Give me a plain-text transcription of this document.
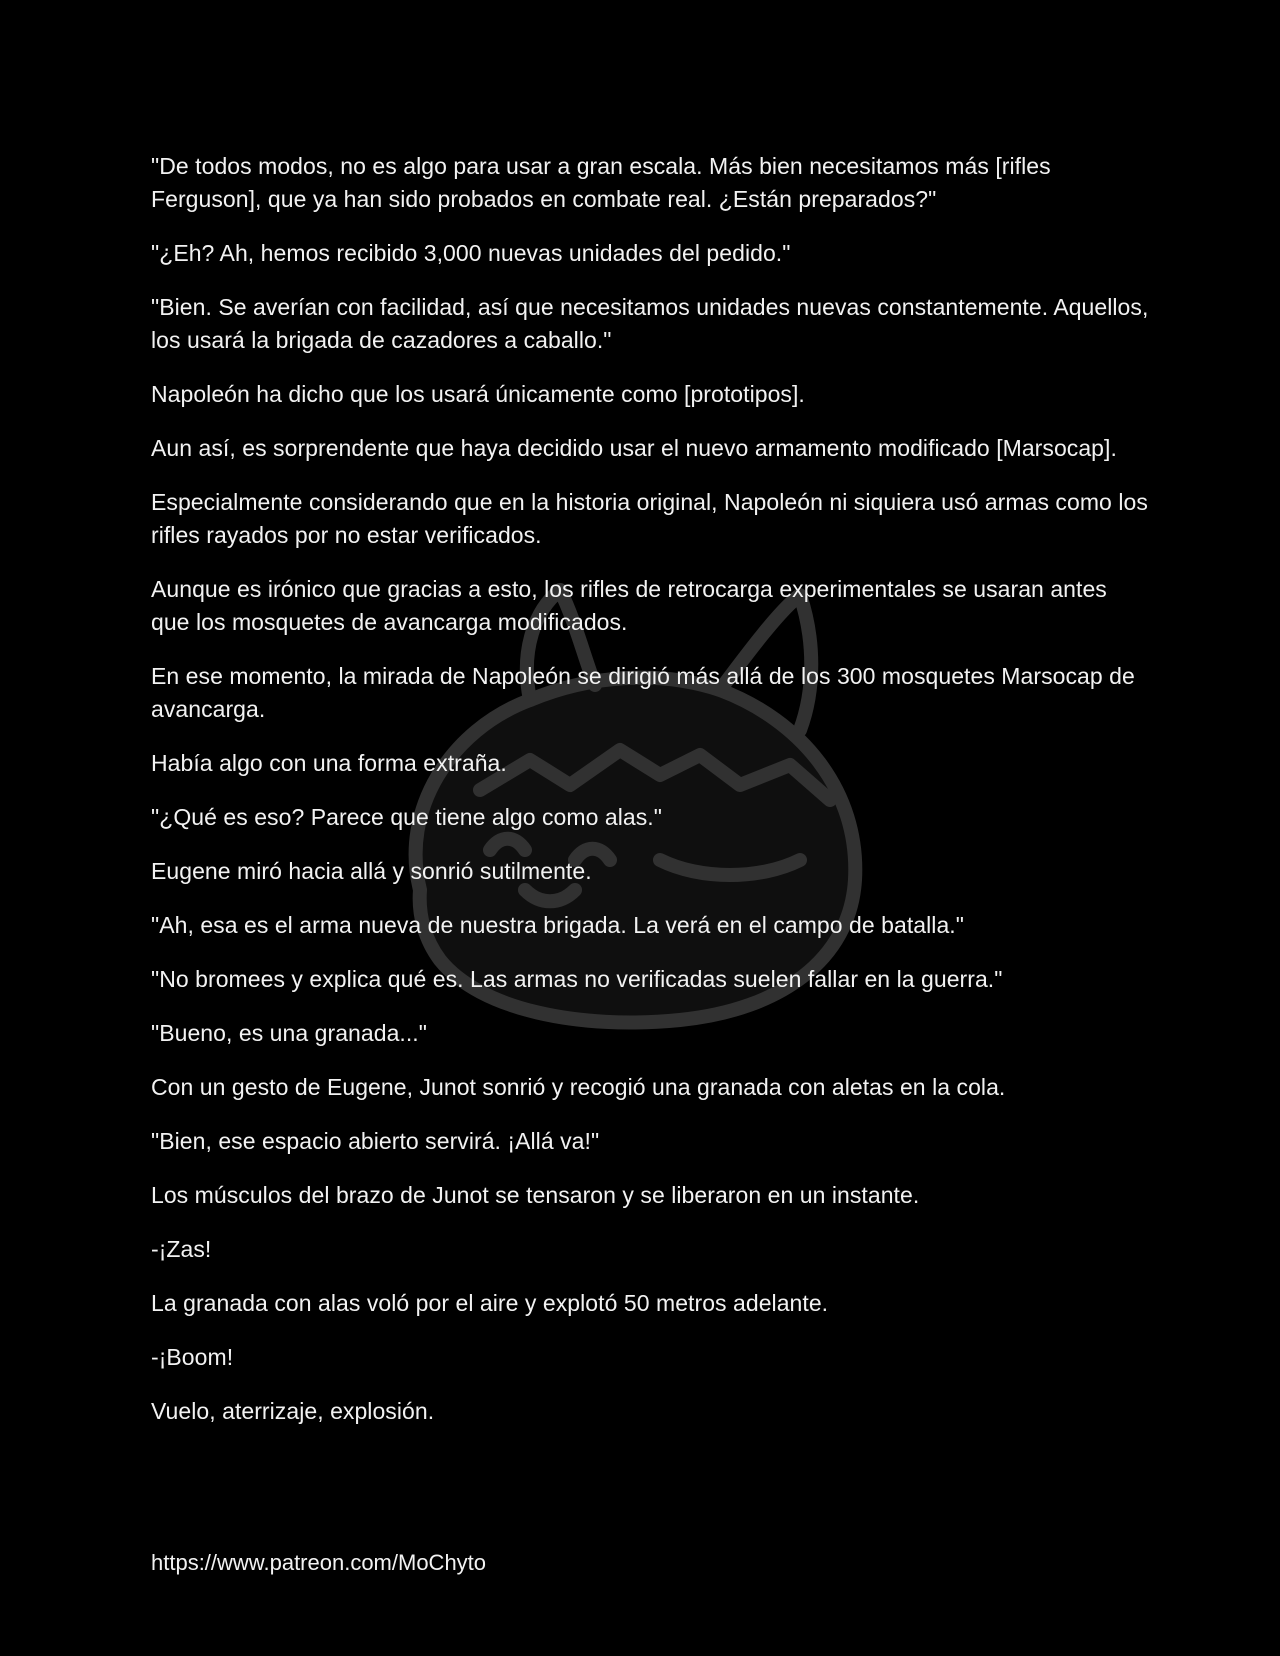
"De todos modos, no es algo para usar a gran escala. Más bien necesitamos más [rifles Ferguson], que ya han sido probados en combate real. ¿Están preparados?"

"¿Eh? Ah, hemos recibido 3,000 nuevas unidades del pedido."

"Bien. Se averían con facilidad, así que necesitamos unidades nuevas constantemente. Aquellos, los usará la brigada de cazadores a caballo."

Napoleón ha dicho que los usará únicamente como [prototipos].

Aun así, es sorprendente que haya decidido usar el nuevo armamento modificado [Marsocap].

Especialmente considerando que en la historia original, Napoleón ni siquiera usó armas como los rifles rayados por no estar verificados.

Aunque es irónico que gracias a esto, los rifles de retrocarga experimentales se usaran antes que los mosquetes de avancarga modificados.

En ese momento, la mirada de Napoleón se dirigió más allá de los 300 mosquetes Marsocap de avancarga.

Había algo con una forma extraña.

"¿Qué es eso? Parece que tiene algo como alas."

Eugene miró hacia allá y sonrió sutilmente.

"Ah, esa es el arma nueva de nuestra brigada. La verá en el campo de batalla."

"No bromees y explica qué es. Las armas no verificadas suelen fallar en la guerra."

"Bueno, es una granada..."

Con un gesto de Eugene, Junot sonrió y recogió una granada con aletas en la cola.

"Bien, ese espacio abierto servirá. ¡Allá va!"

Los músculos del brazo de Junot se tensaron y se liberaron en un instante.

-¡Zas!

La granada con alas voló por el aire y explotó 50 metros adelante.

-¡Boom!

Vuelo, aterrizaje, explosión.

https://www.patreon.com/MoChyto
